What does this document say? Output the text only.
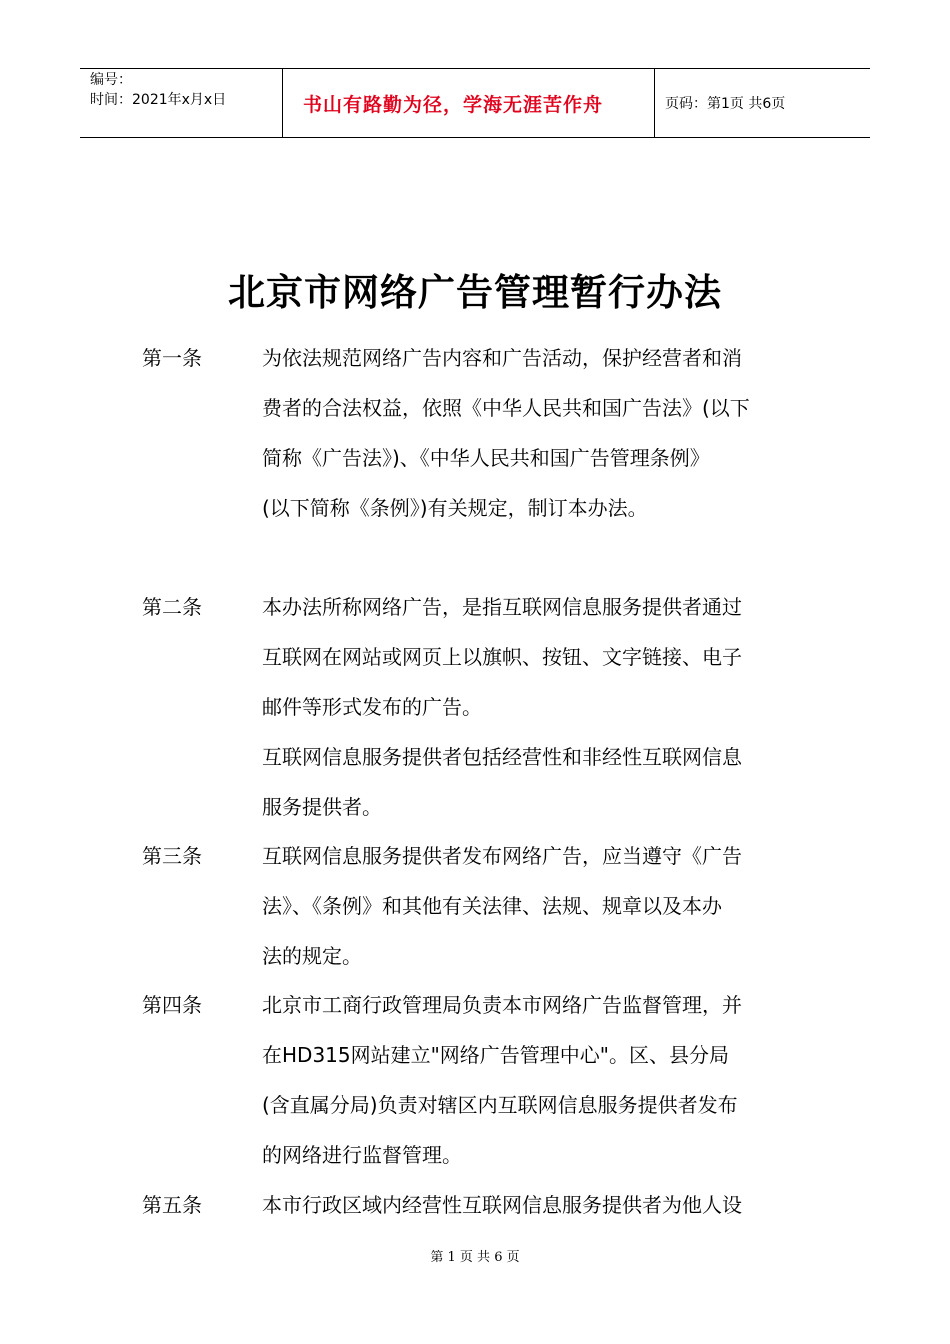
编号：
时间：2021年x月x日	书山有路勤为径，学海无涯苦作舟	页码：第1页 共6页
北京市网络广告管理暂行办法
第一条	为依法规范网络广告内容和广告活动，保护经营者和消
费者的合法权益，依照《中华人民共和国广告法》(以下
简称《广告法》)、《中华人民共和国广告管理条例》
(以下简称《条例》)有关规定，制订本办法。
第二条	本办法所称网络广告，是指互联网信息服务提供者通过
互联网在网站或网页上以旗帜、按钮、文字链接、电子
邮件等形式发布的广告。
互联网信息服务提供者包括经营性和非经性互联网信息
服务提供者。
第三条	互联网信息服务提供者发布网络广告，应当遵守《广告
法》、《条例》和其他有关法律、法规、规章以及本办
法的规定。
第四条	北京市工商行政管理局负责本市网络广告监督管理，并
在HD315网站建立"网络广告管理中心"。区、县分局
(含直属分局)负责对辖区内互联网信息服务提供者发布
的网络进行监督管理。
第五条	本市行政区域内经营性互联网信息服务提供者为他人设
第 1 页 共 6 页
